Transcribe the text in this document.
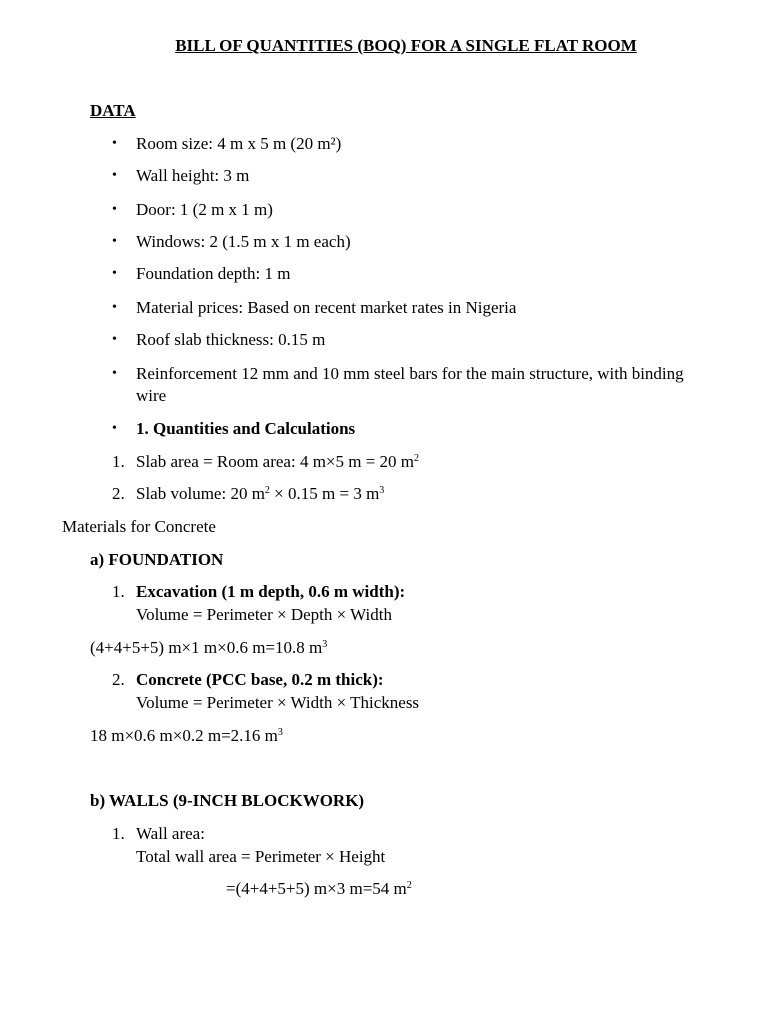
BILL OF QUANTITIES (BOQ) FOR A SINGLE FLAT ROOM
DATA
• Room size: 4 m x 5 m (20 m²)
• Wall height: 3 m
• Door: 1 (2 m x 1 m)
• Windows: 2 (1.5 m x 1 m each)
• Foundation depth: 1 m
• Material prices: Based on recent market rates in Nigeria
• Roof slab thickness: 0.15 m
• Reinforcement 12 mm and 10 mm steel bars for the main structure, with binding wire
• 1. Quantities and Calculations
1. Slab area = Room area: 4 m×5 m = 20 $m^2$
2. Slab volume: 20 $m^2 \times 0.15$ m = 3 $m^3$
Materials for Concrete
a) FOUNDATION
1. Excavation (1 m depth, 0.6 m width):
Volume = Perimeter × Depth × Width
(4+4+5+5) m×1 m×0.6 m=10.8 $m^3$
2. Concrete (PCC base, 0.2 m thick):
Volume = Perimeter × Width × Thickness
18 m×0.6 m×0.2 m=2.16 $m^3$
b) WALLS (9-INCH BLOCKWORK)
1. Wall area:
Total wall area = Perimeter × Height
=(4+4+5+5) m×3 m=54 $m^2$
